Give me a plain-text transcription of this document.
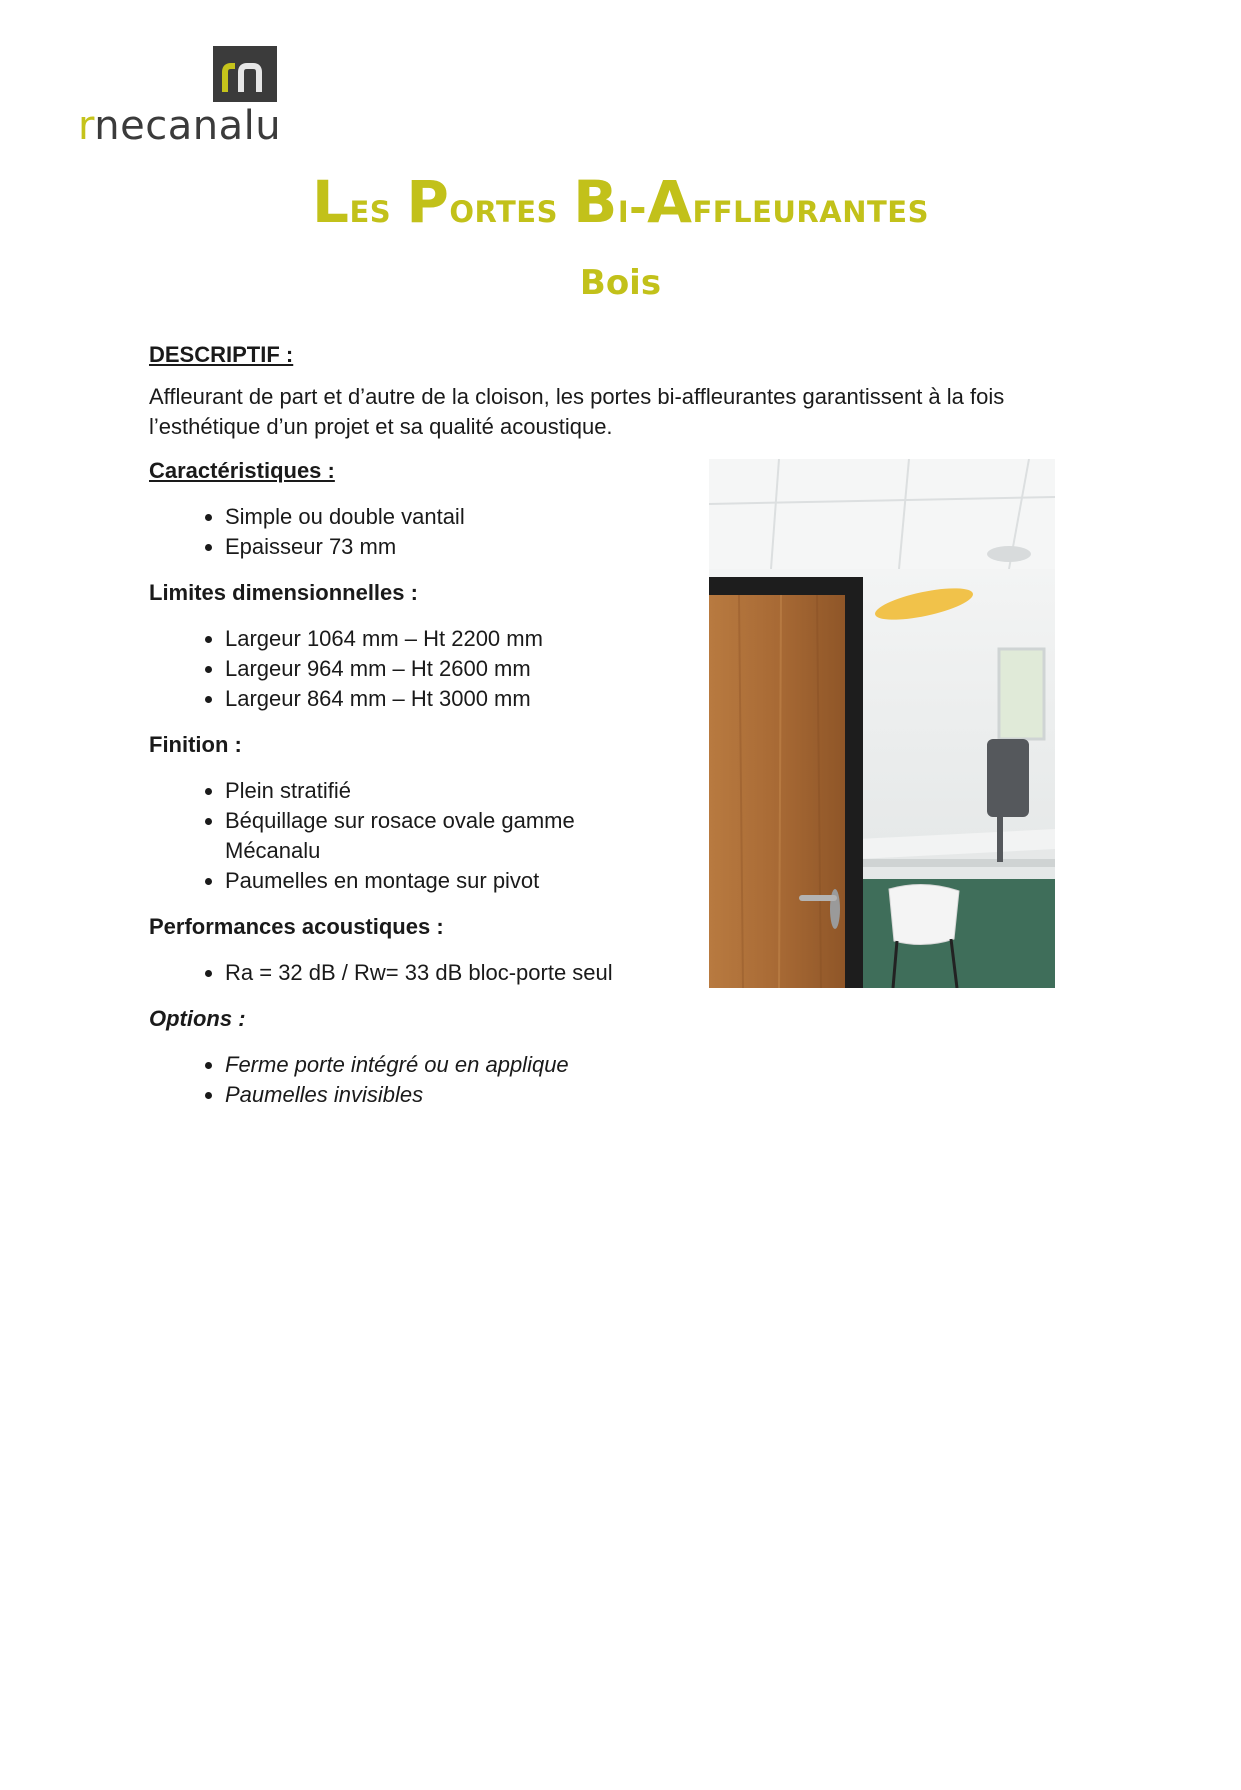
rnecanalu
Les Portes Bi-Affleurantes
Bois

DESCRIPTIF :

Affleurant de part et d’autre de la cloison, les portes bi-affleurantes garantissent à la fois l’esthétique d’un projet et sa qualité acoustique.

Caractéristiques :

• Simple ou double vantail
• Epaisseur 73 mm

Limites dimensionnelles :

• Largeur 1064 mm – Ht 2200 mm
• Largeur 964 mm – Ht 2600 mm
• Largeur 864 mm – Ht 3000 mm

Finition :

• Plein stratifié
• Béquillage sur rosace ovale gamme Mécanalu
• Paumelles en montage sur pivot

Performances acoustiques :

• Ra = 32 dB / Rw= 33 dB bloc-porte seul

Options :

• Ferme porte intégré ou en applique
• Paumelles invisibles
